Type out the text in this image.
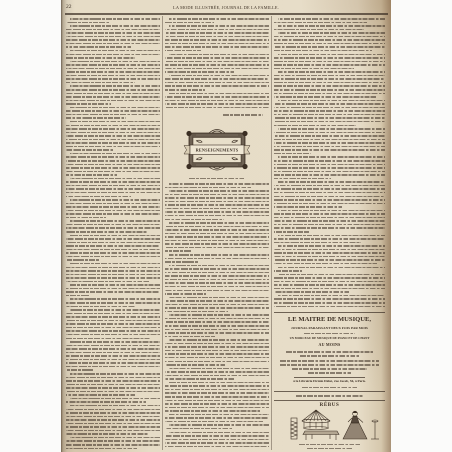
22	LA MODE ILLUSTRÉE, JOURNAL DE LA FAMILLE.
RENSEIGNEMENTS
LE MAITRE DE MUSIQUE,
JOURNAL PARAISSANT DEUX FOIS PAR MOIS
UN MORCEAU DE MUSIQUE DE PIANO ET DE CHANT
AU MOINS
à la Librairie Firmin Didot, rue Jacob, 56, à Paris.
RÉBUS
